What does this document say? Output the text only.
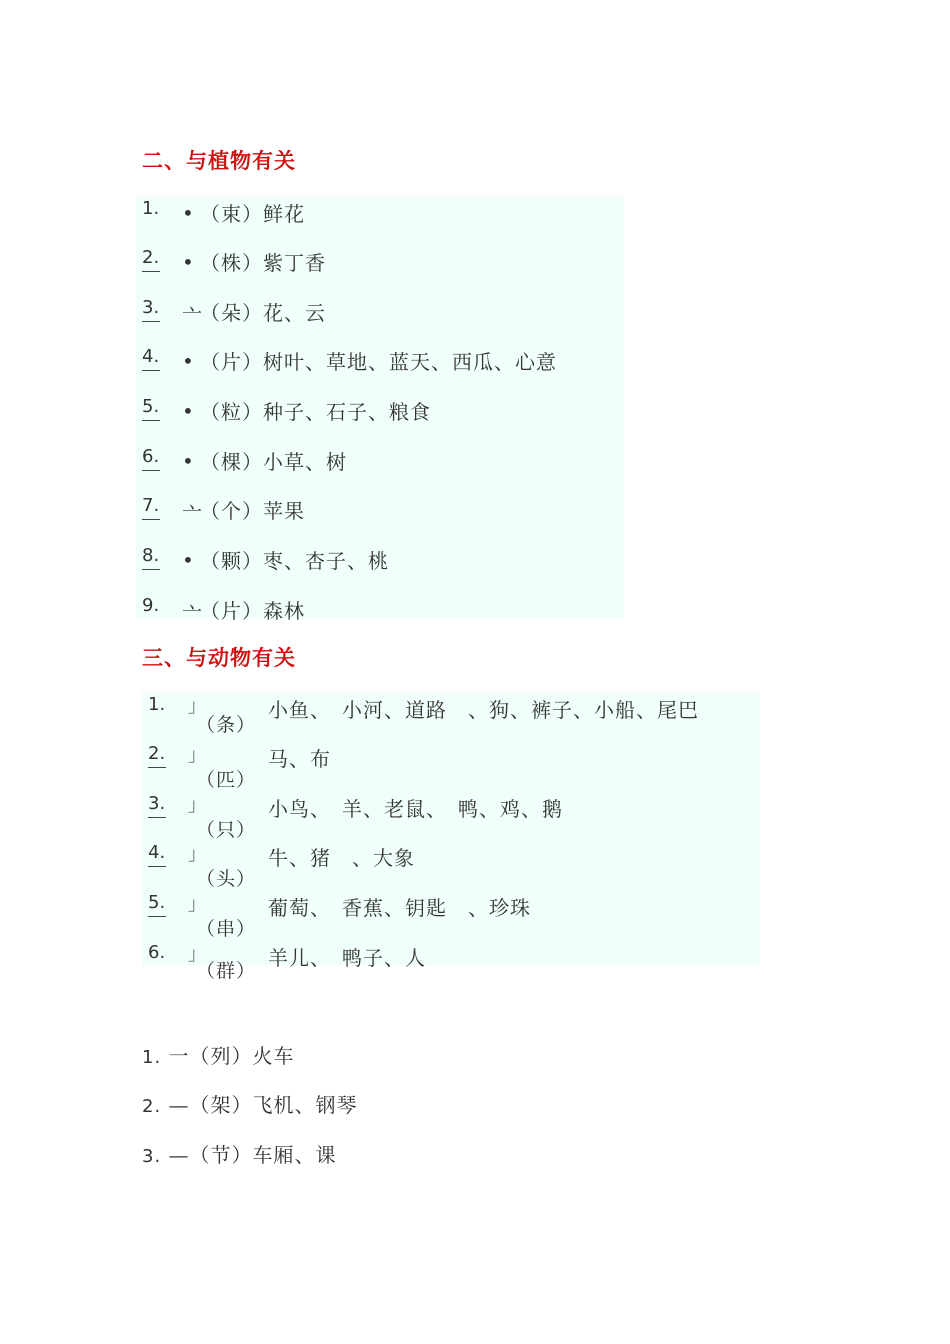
二、与植物有关
1. • （束）鲜花
2. • （株）紫丁香
3. 亠
（朵）花、云
4. • （片）树叶、草地、蓝天、西瓜、心意
5. • （粒）种子、石子、粮食
6. • （棵）小草、树
7. 亠
（个）苹果
8. • （颗）枣、杏子、桃
9. 亠
（片）森林
三、与动物有关
1. 」
（条）
小鱼、　小河、道路　、狗、裤子、小船、尾巴
2. 」
（匹）
马、布
3. 」
（只）
小鸟、　羊、老鼠、　鸭、鸡、鹅
4. 」
（头）
牛、猪　、大象
5. 」
（串）
葡萄、　香蕉、钥匙　、珍珠
6. 」
（群）
羊儿、　鸭子、人
1. 一（列）火车
2. —（架）飞机、钢琴
3. —（节）车厢、课
